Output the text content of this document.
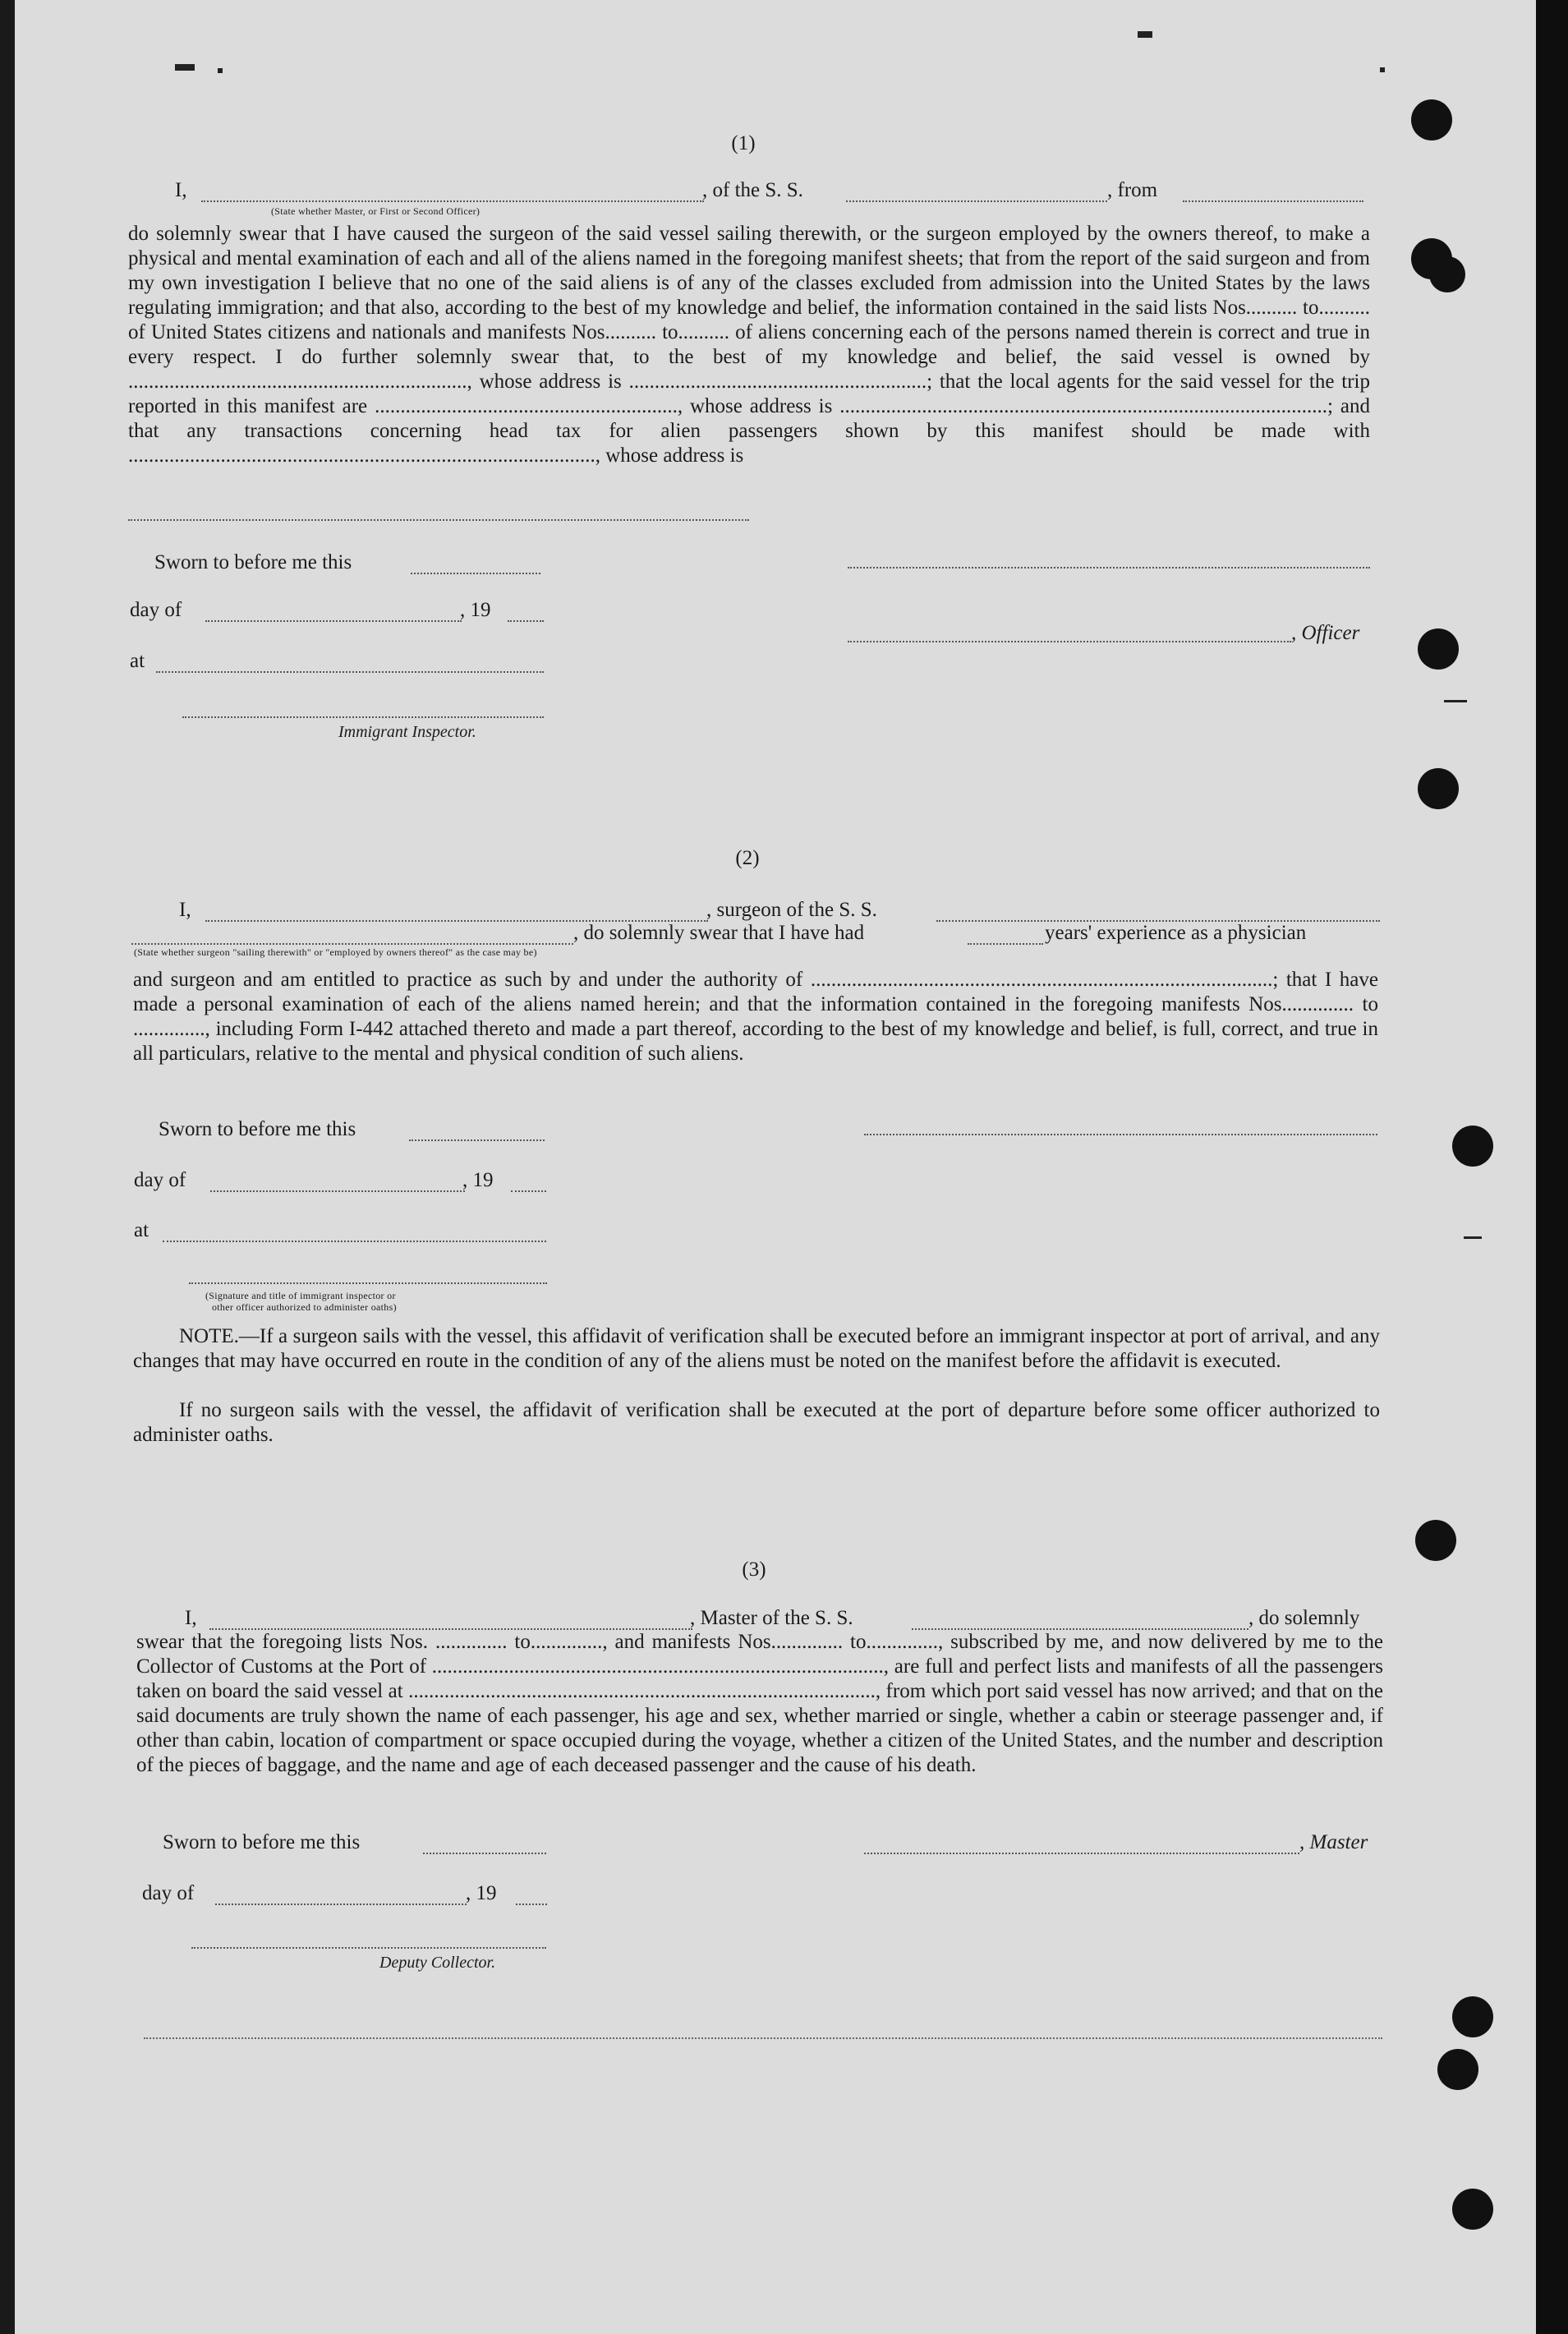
(1)
I,	, of the S. S.	, from
(State whether Master, or First or Second Officer)
do solemnly swear that I have caused the surgeon of the said vessel sailing therewith, or the surgeon employed by the owners thereof, to make a physical and mental examination of each and all of the aliens named in the foregoing manifest sheets; that from the report of the said surgeon and from my own investigation I believe that no one of the said aliens is of any of the classes excluded from admission into the United States by the laws regulating immigration; and that also, according to the best of my knowledge and belief, the information contained in the said lists Nos.......... to.......... of United States citizens and nationals and manifests Nos.......... to.......... of aliens concerning each of the persons named therein is correct and true in every respect. I do further solemnly swear that, to the best of my knowledge and belief, the said vessel is owned by .................................................................., whose address is ..........................................................; that the local agents for the said vessel for the trip reported in this manifest are ..........................................................., whose address is ...............................................................................................; and that any transactions concerning head tax for alien passengers shown by this manifest should be made with ..........................................................................................., whose address is
Sworn to before me this
day of	, 19
, Officer
at
Immigrant Inspector.
(2)
I,	, surgeon of the S. S.
, do solemnly swear that I have had	years' experience as a physician
(State whether surgeon "sailing therewith" or "employed by owners thereof" as the case may be)
and surgeon and am entitled to practice as such by and under the authority of ..........................................................................................; that I have made a personal examination of each of the aliens named herein; and that the information contained in the foregoing manifests Nos.............. to .............., including Form I-442 attached thereto and made a part thereof, according to the best of my knowledge and belief, is full, correct, and true in all particulars, relative to the mental and physical condition of such aliens.
Sworn to before me this
day of	, 19
at
(Signature and title of immigrant inspector or
other officer authorized to administer oaths)
NOTE.—If a surgeon sails with the vessel, this affidavit of verification shall be executed before an immigrant inspector at port of arrival, and any changes that may have occurred en route in the condition of any of the aliens must be noted on the manifest before the affidavit is executed.
If no surgeon sails with the vessel, the affidavit of verification shall be executed at the port of departure before some officer authorized to administer oaths.
(3)
I,	, Master of the S. S.	, do solemnly
swear that the foregoing lists Nos. .............. to.............., and manifests Nos.............. to.............., subscribed by me, and now delivered by me to the Collector of Customs at the Port of ........................................................................................, are full and perfect lists and manifests of all the passengers taken on board the said vessel at ..........................................................................................., from which port said vessel has now arrived; and that on the said documents are truly shown the name of each passenger, his age and sex, whether married or single, whether a cabin or steerage passenger and, if other than cabin, location of compartment or space occupied during the voyage, whether a citizen of the United States, and the number and description of the pieces of baggage, and the name and age of each deceased passenger and the cause of his death.
Sworn to before me this	, Master
day of	, 19
Deputy Collector.
